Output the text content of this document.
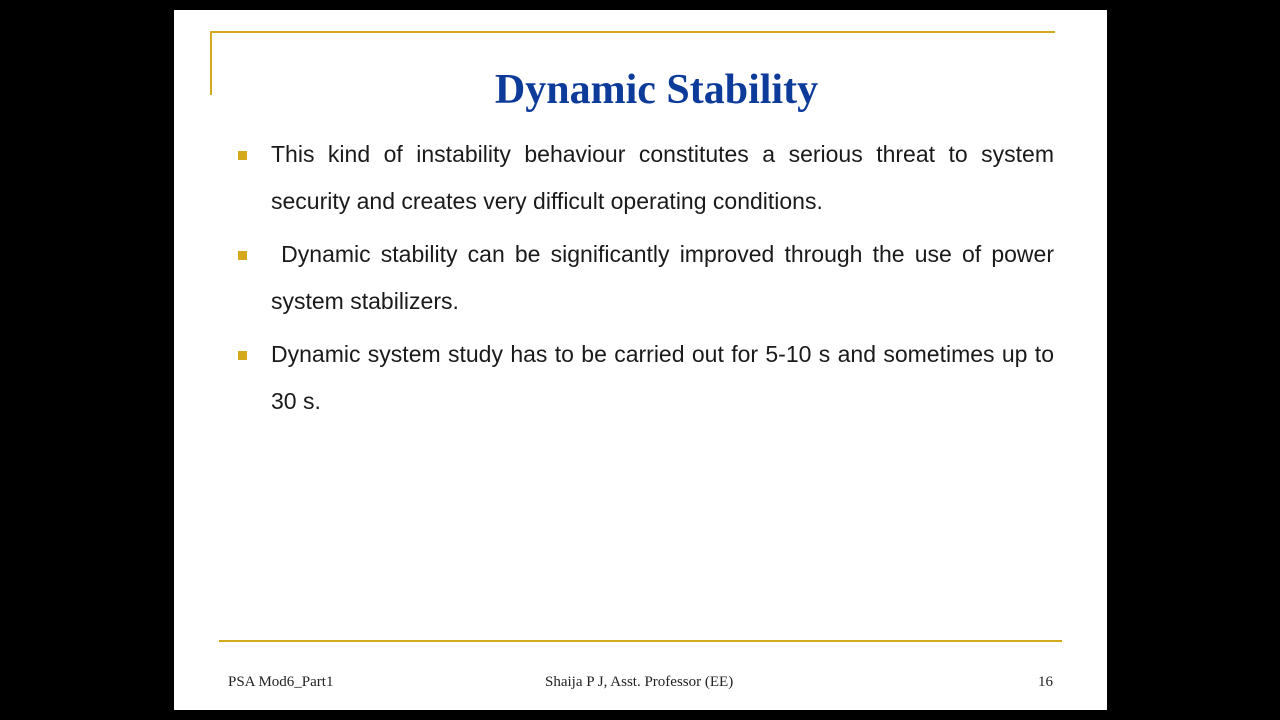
Dynamic Stability
This kind of instability behaviour constitutes a serious threat to system security and creates very difficult operating conditions.
Dynamic stability can be significantly improved through the use of power system stabilizers.
Dynamic system study has to be carried out for 5-10 s and sometimes up to 30 s.
PSA Mod6_Part1	Shaija P J, Asst. Professor (EE)	16
